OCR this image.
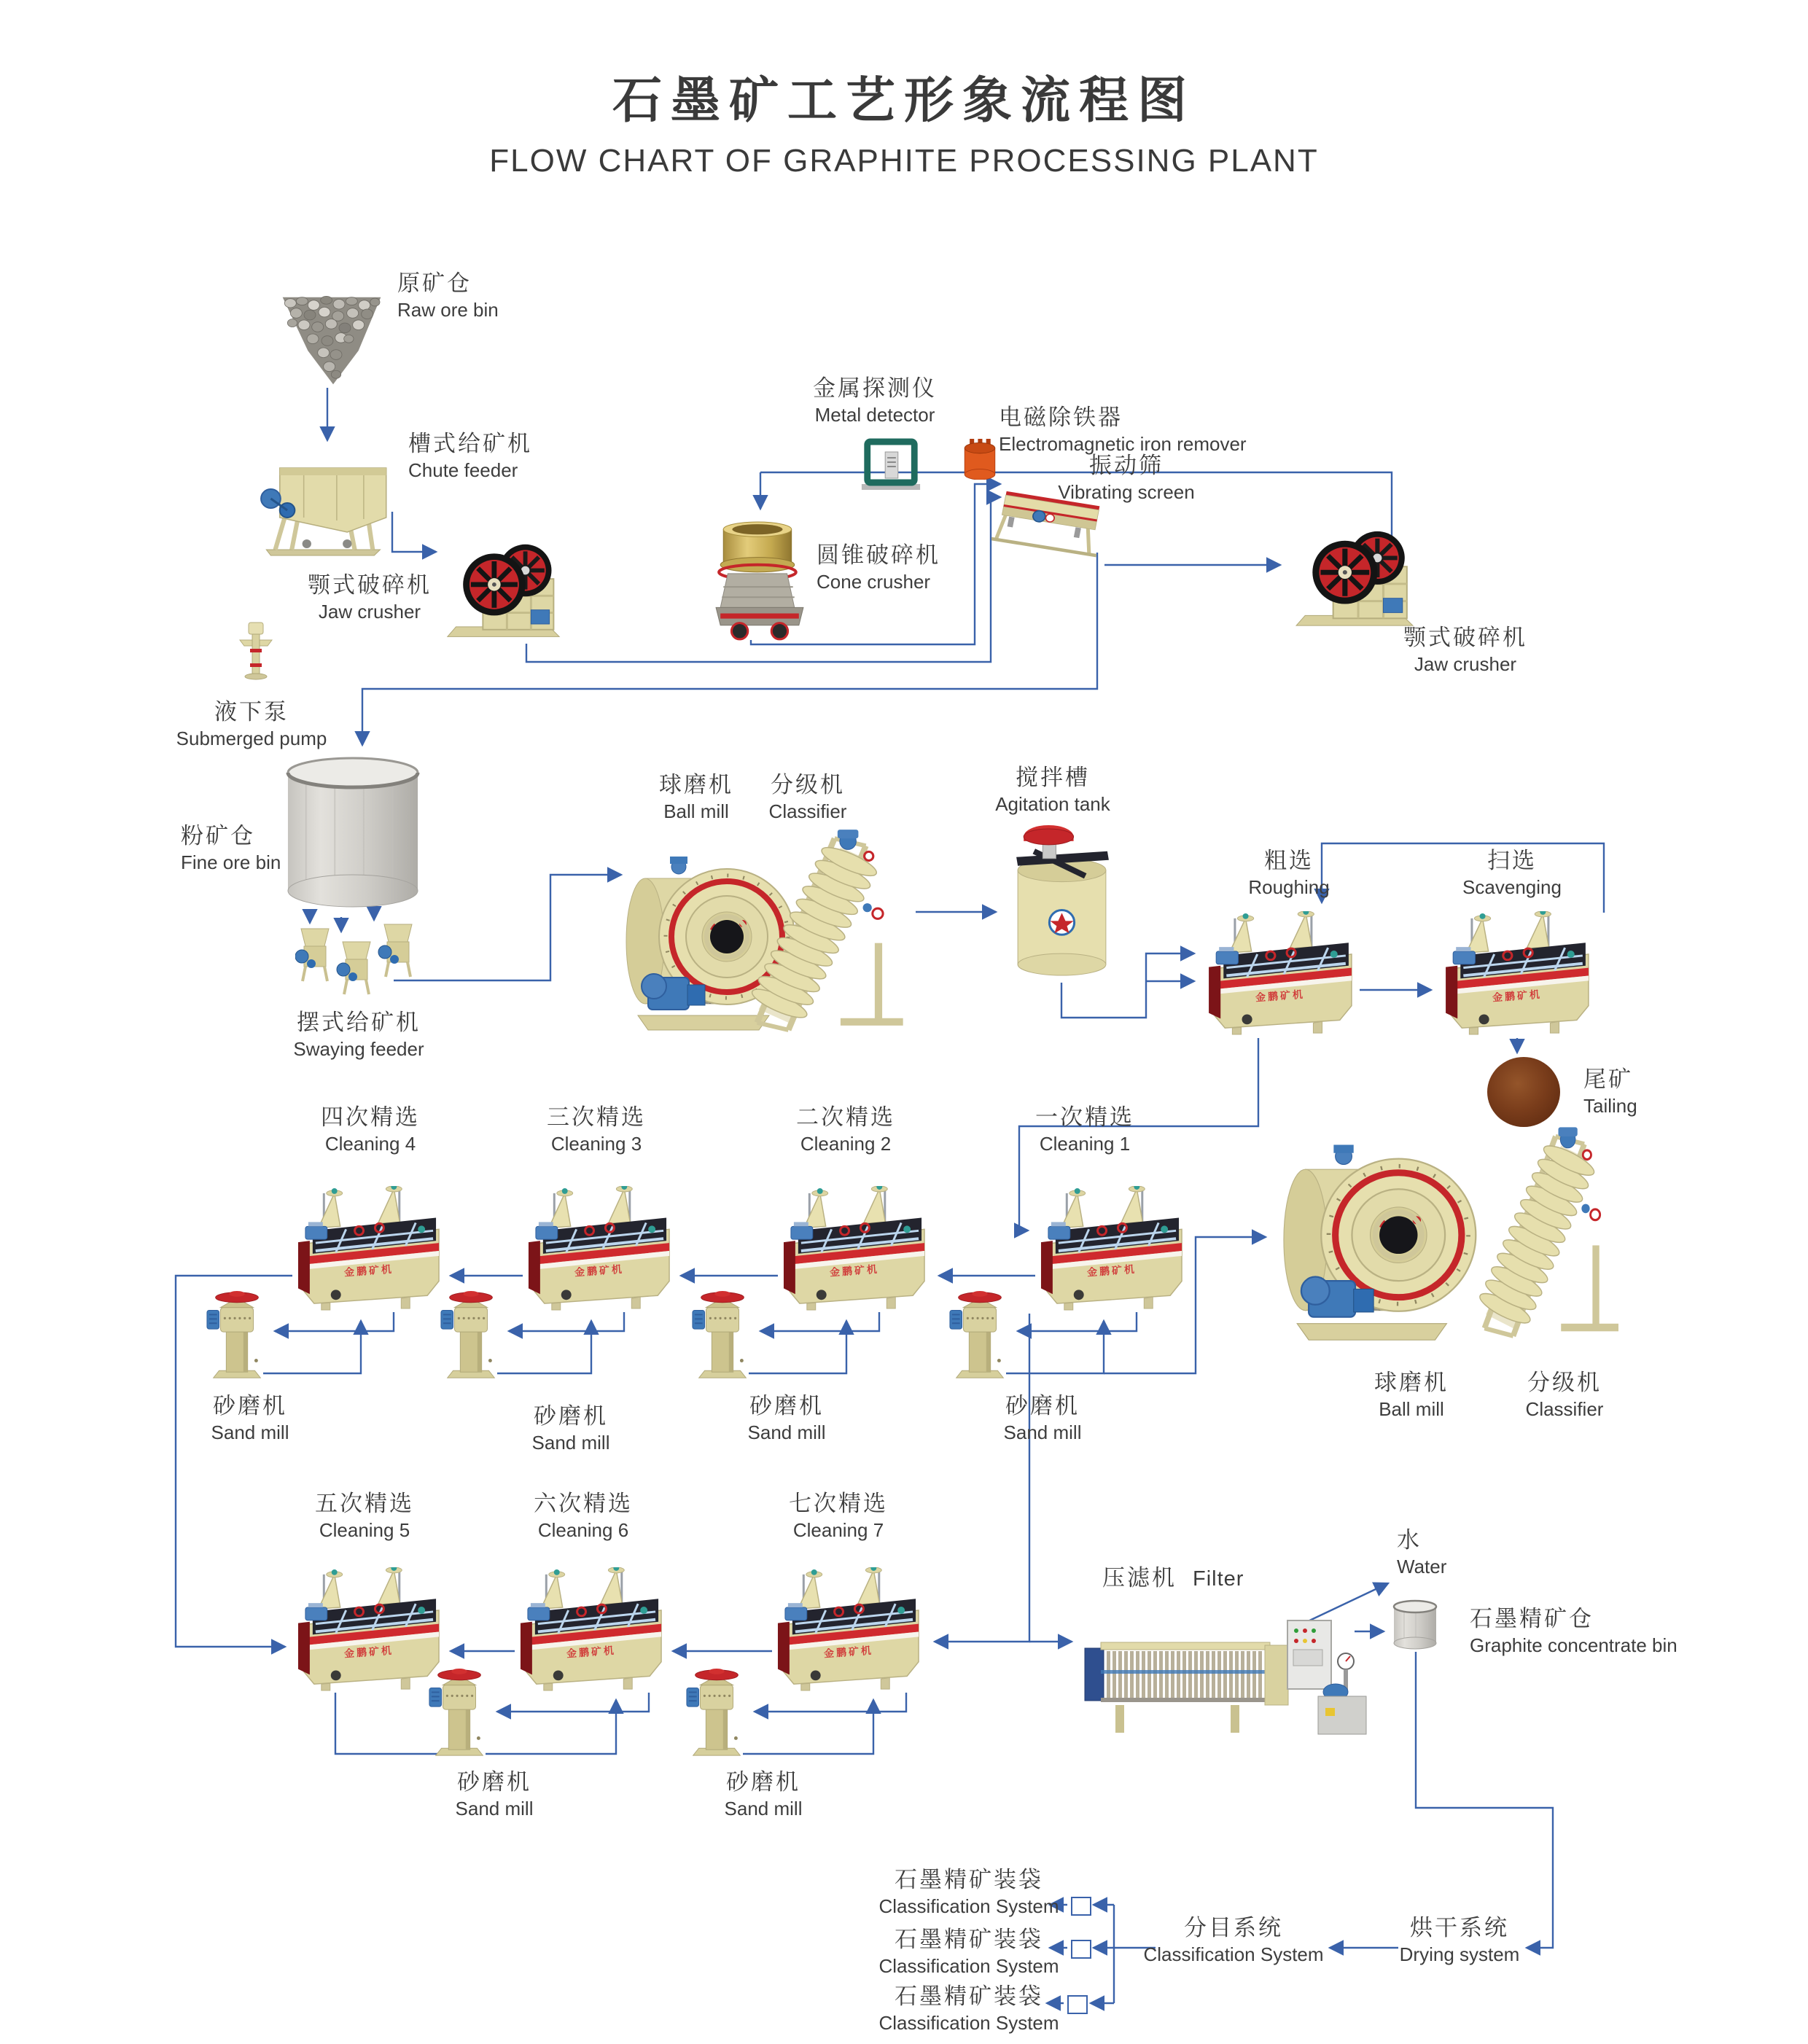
石墨矿工艺形象流程图
FLOW CHART OF GRAPHITE PROCESSING PLANT
金鹏矿机	金鹏矿机
金鹏矿机	金鹏矿机	金鹏矿机	金鹏矿机
金鹏矿机	金鹏矿机	金鹏矿机
原矿仓
Raw ore bin
槽式给矿机
Chute feeder
颚式破碎机
Jaw crusher
金属探测仪
Metal detector	电磁除铁器
Electromagnetic iron remover
圆锥破碎机
Cone crusher
振动筛
Vibrating screen
颚式破碎机
Jaw crusher
液下泵
Submerged pump
粉矿仓
Fine ore bin
摆式给矿机
Swaying feeder
球磨机
Ball mill
分级机
Classifier
搅拌槽
Agitation tank
粗选
Roughing
扫选
Scavenging
尾矿
Tailing
四次精选
Cleaning 4
三次精选
Cleaning 3
二次精选
Cleaning 2
一次精选
Cleaning 1
砂磨机
Sand mill
砂磨机
Sand mill
砂磨机
Sand mill
砂磨机
Sand mill
球磨机
Ball mill
分级机
Classifier
五次精选
Cleaning 5
六次精选
Cleaning 6
七次精选
Cleaning 7
砂磨机
Sand mill
砂磨机
Sand mill
压滤机 Filter
水
Water
石墨精矿仓
Graphite concentrate bin
石墨精矿装袋
Classification System
石墨精矿装袋
Classification System
石墨精矿装袋
Classification System
分目系统
Classification System
烘干系统
Drying system
